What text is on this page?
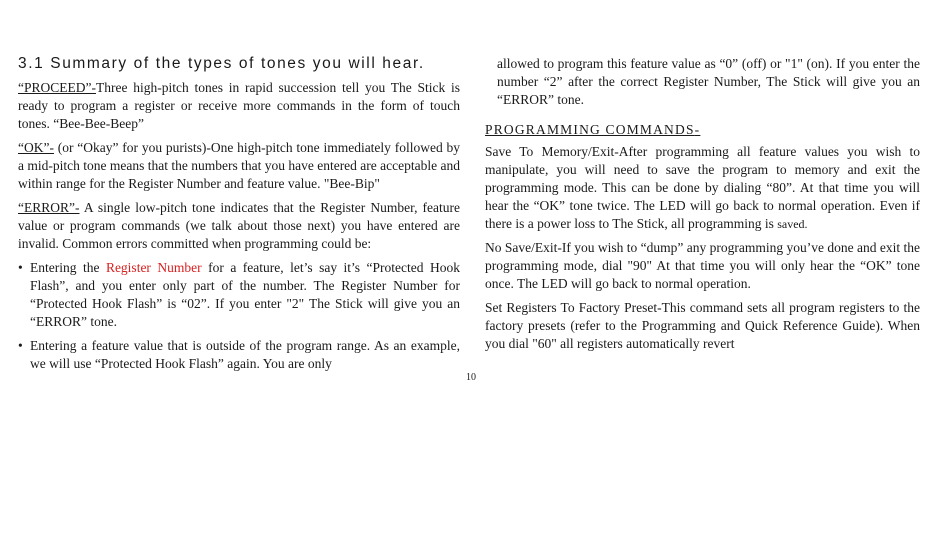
3.1 Summary of the types of tones you will hear.

“PROCEED”-Three high-pitch tones in rapid succession tell you The Stick is ready to program a register or receive more commands in the form of touch tones. “Bee-Bee-Beep”

“OK”- (or “Okay” for you purists)-One high-pitch tone immediately followed by a mid-pitch tone means that the numbers that you have entered are acceptable and within range for the Register Number and feature value. "Bee-Bip"

“ERROR”- A single low-pitch tone indicates that the Register Number, feature value or program commands (we talk about those next) you have entered are invalid. Common errors committed when programming could be:

• Entering the Register Number for a feature, let’s say it’s “Protected Hook Flash”, and you enter only part of the number. The Register Number for “Protected Hook Flash” is “02”. If you enter "2" The Stick will give you an “ERROR” tone.
• Entering a feature value that is outside of the program range. As an example, we will use “Protected Hook Flash” again. You are only
10
allowed to program this feature value as “0” (off) or "1" (on). If you enter the number “2” after the correct Register Number, The Stick will give you an “ERROR” tone.
PROGRAMMING COMMANDS-

Save To Memory/Exit-After programming all feature values you wish to manipulate, you will need to save the program to memory and exit the programming mode. This can be done by dialing “80”. At that time you will hear the “OK” tone twice. The LED will go back to normal operation. Even if there is a power loss to The Stick, all programming is saved.

No Save/Exit-If you wish to “dump” any programming you’ve done and exit the programming mode, dial "90" At that time you will only hear the “OK” tone once. The LED will go back to normal operation.

Set Registers To Factory Preset-This command sets all program registers to the factory presets (refer to the Programming and Quick Reference Guide). When you dial "60" all registers automatically revert
